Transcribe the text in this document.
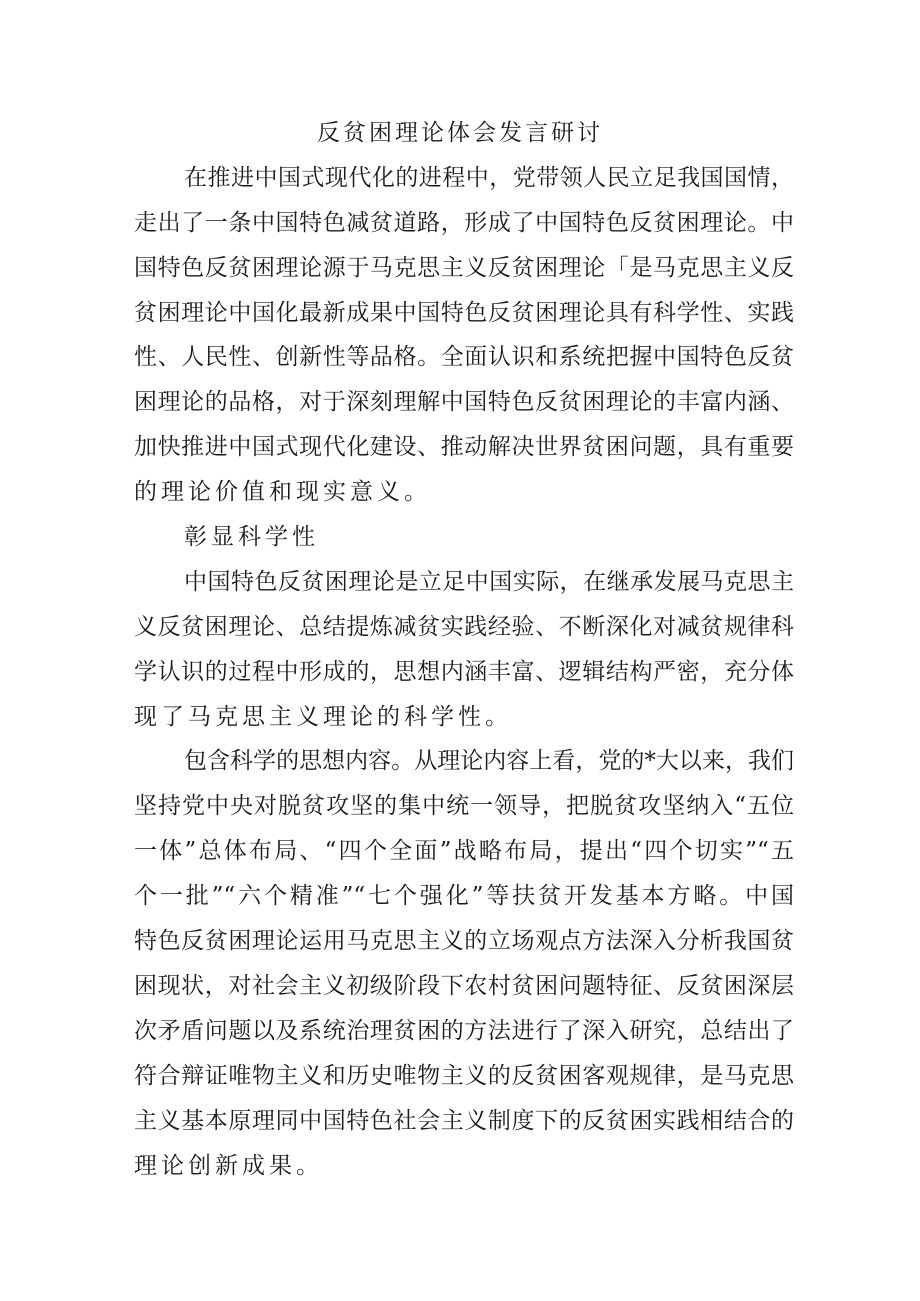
反贫困理论体会发言研讨

在推进中国式现代化的进程中，党带领人民立足我国国情，

走出了一条中国特色减贫道路，形成了中国特色反贫困理论。中

国特色反贫困理论源于马克思主义反贫困理论「是马克思主义反

贫困理论中国化最新成果中国特色反贫困理论具有科学性、实践

性、人民性、创新性等品格。全面认识和系统把握中国特色反贫

困理论的品格，对于深刻理解中国特色反贫困理论的丰富内涵、

加快推进中国式现代化建设、推动解决世界贫困问题，具有重要

的理论价值和现实意义。

彰显科学性

中国特色反贫困理论是立足中国实际，在继承发展马克思主

义反贫困理论、总结提炼减贫实践经验、不断深化对减贫规律科

学认识的过程中形成的，思想内涵丰富、逻辑结构严密，充分体

现了马克思主义理论的科学性。

包含科学的思想内容。从理论内容上看，党的*大以来，我们

坚持党中央对脱贫攻坚的集中统一领导，把脱贫攻坚纳入“五位

一体”总体布局、“四个全面”战略布局，提出“四个切实”“五

个一批”“六个精准”“七个强化”等扶贫开发基本方略。中国

特色反贫困理论运用马克思主义的立场观点方法深入分析我国贫

困现状，对社会主义初级阶段下农村贫困问题特征、反贫困深层

次矛盾问题以及系统治理贫困的方法进行了深入研究，总结出了

符合辩证唯物主义和历史唯物主义的反贫困客观规律，是马克思

主义基本原理同中国特色社会主义制度下的反贫困实践相结合的

理论创新成果。
